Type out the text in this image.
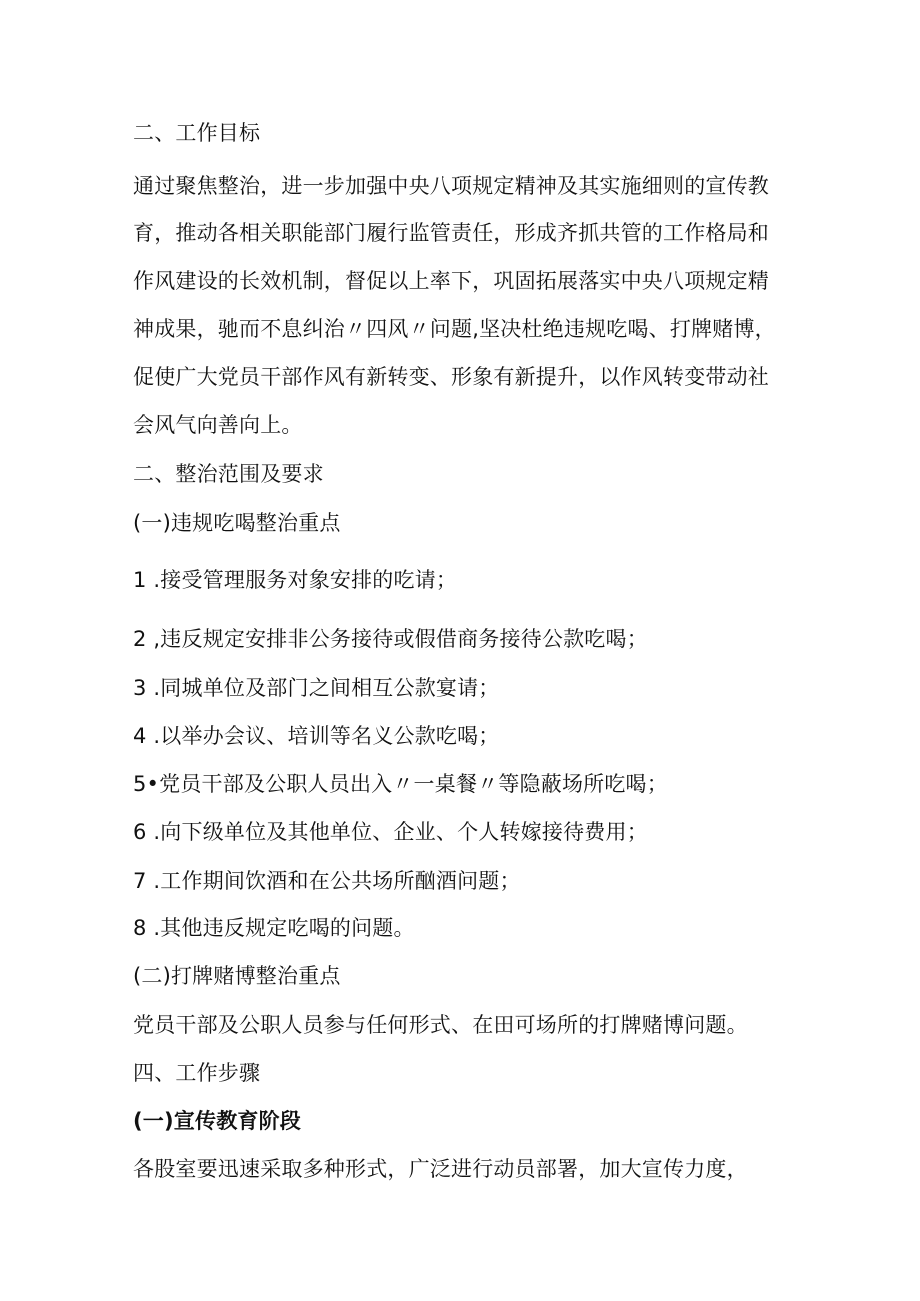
二、工作目标
通过聚焦整治，进一步加强中央八项规定精神及其实施细则的宣传教
育，推动各相关职能部门履行监管责任，形成齐抓共管的工作格局和
作风建设的长效机制，督促以上率下，巩固拓展落实中央八项规定精
神成果，驰而不息纠治〃四风〃问题,坚决杜绝违规吃喝、打牌赌博，
促使广大党员干部作风有新转变、形象有新提升，以作风转变带动社
会风气向善向上。
二、整治范围及要求
(一)违规吃喝整治重点
1 .接受管理服务对象安排的吃请；
2 ,违反规定安排非公务接待或假借商务接待公款吃喝；
3 .同城单位及部门之间相互公款宴请；
4 .以举办会议、培训等名义公款吃喝；
5•党员干部及公职人员出入〃一桌餐〃等隐蔽场所吃喝；
6 .向下级单位及其他单位、企业、个人转嫁接待费用；
7 .工作期间饮酒和在公共场所酗酒问题；
8 .其他违反规定吃喝的问题。
(二)打牌赌博整治重点
党员干部及公职人员参与任何形式、在田可场所的打牌赌博问题。
四、工作步骤
(一)宣传教育阶段
各股室要迅速采取多种形式，广泛进行动员部署，加大宣传力度，
